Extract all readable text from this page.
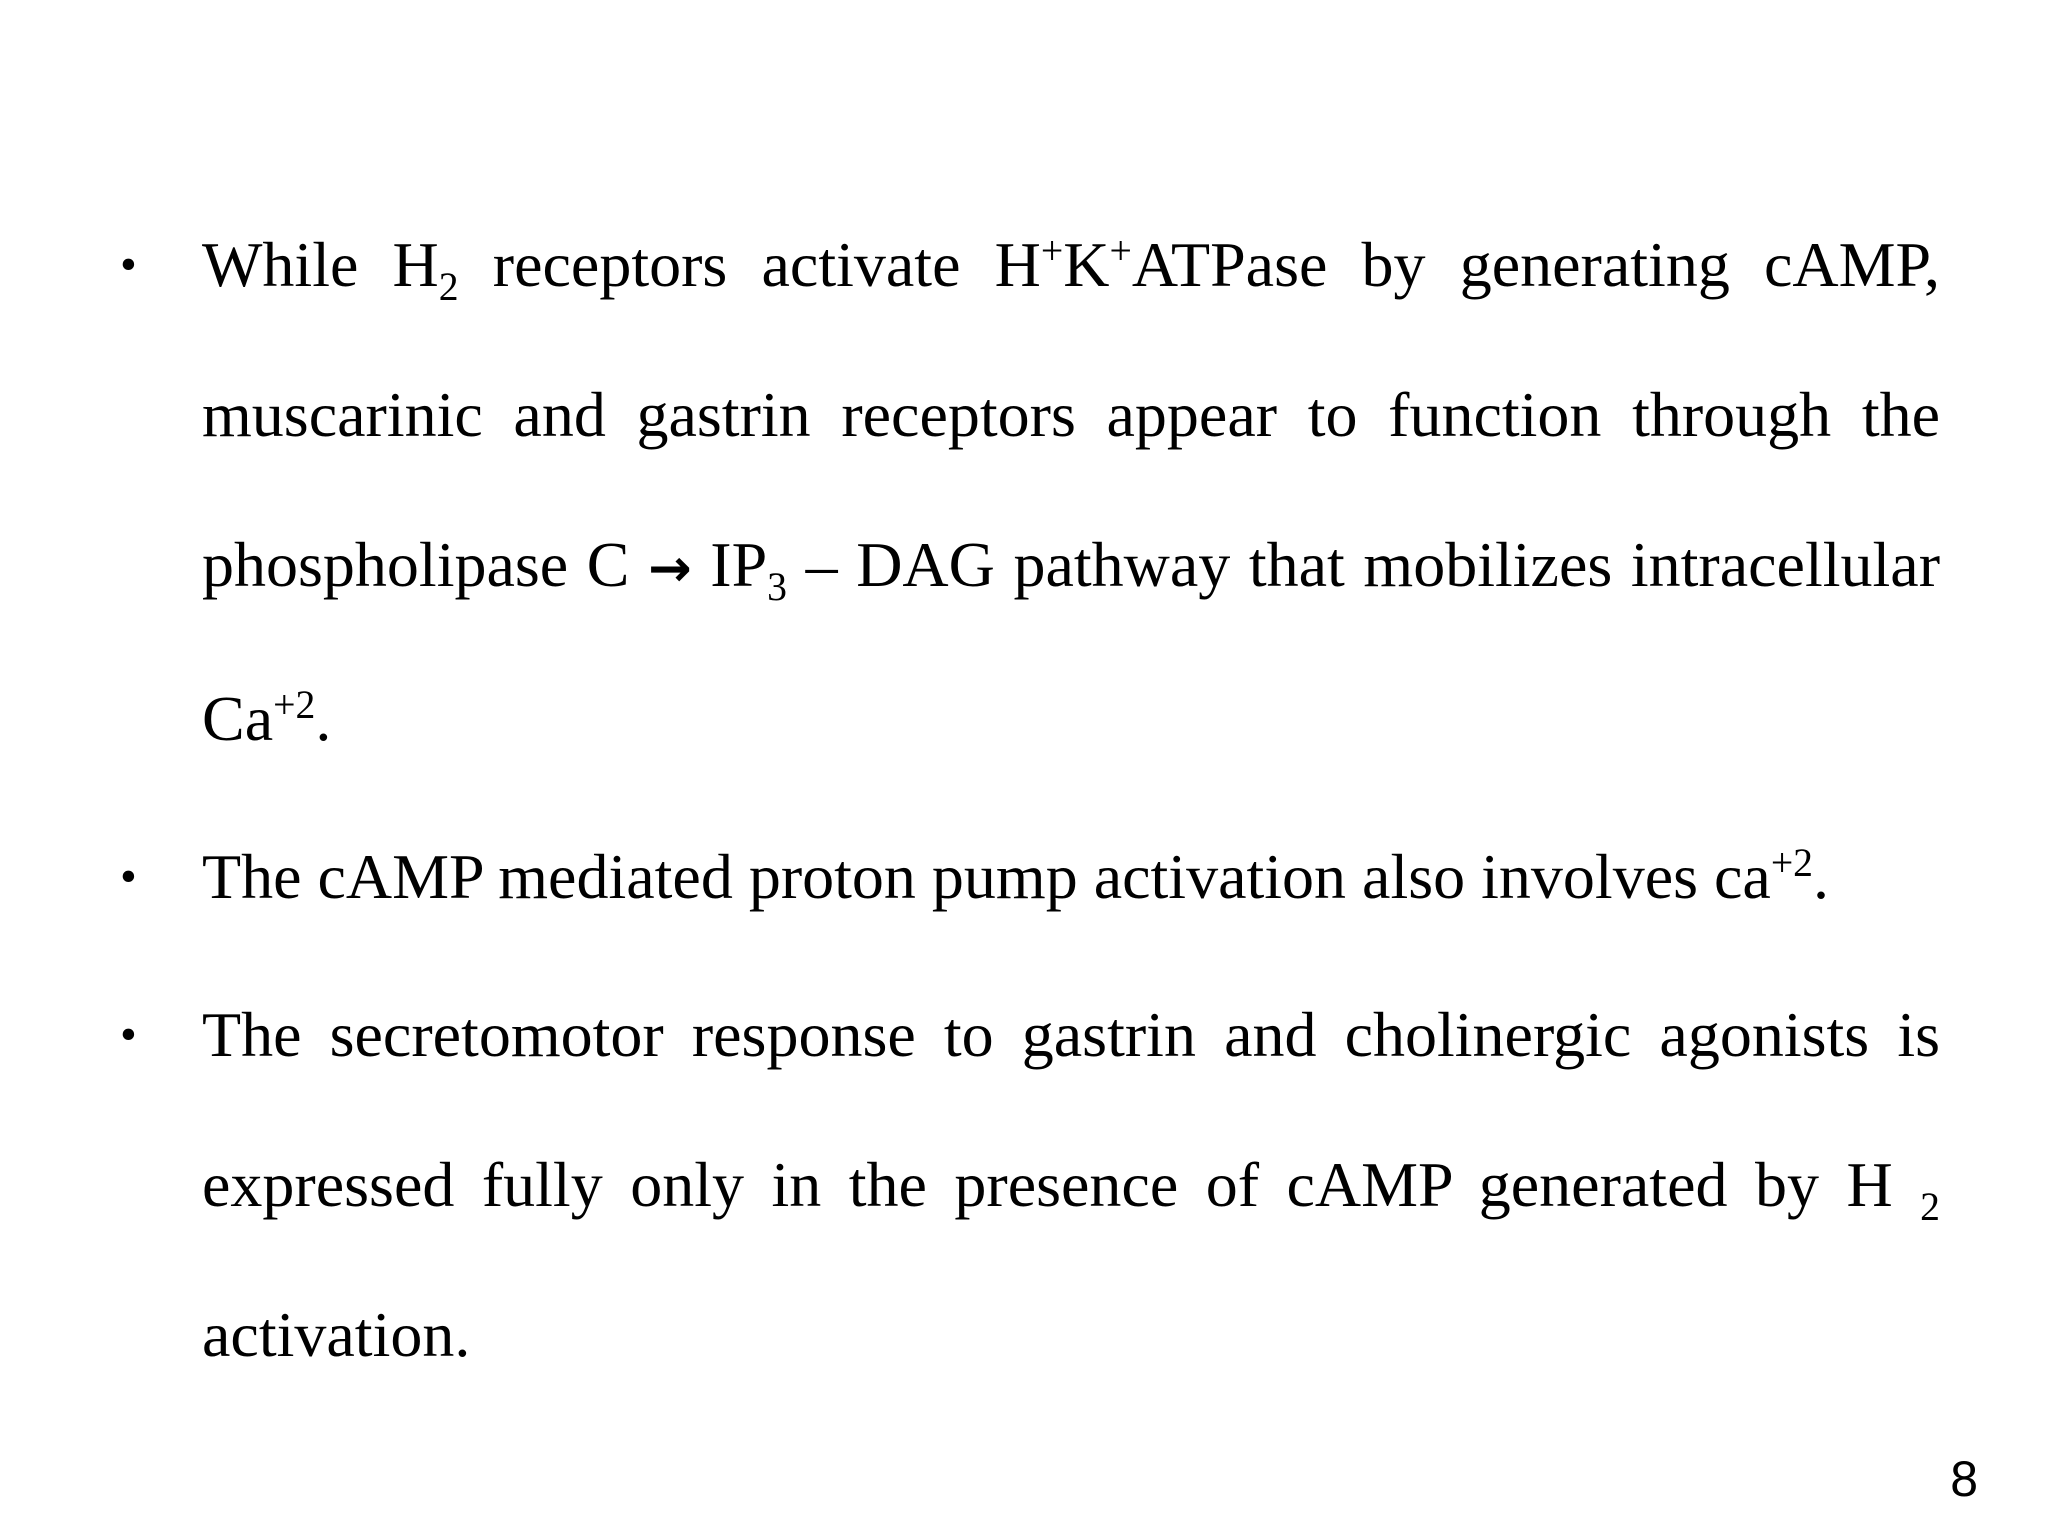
• While $H_2$ receptors activate H+K+ATPase by generating cAMP, muscarinic and gastrin receptors appear to function through the phospholipase $C \to IP_3$ – DAG pathway that mobilizes intracellular $Ca^{+2}$.
• The cAMP mediated proton pump activation also involves $ca^{+2}$.
• The secretomotor response to gastrin and cholinergic agonists is expressed fully only in the presence of cAMP generated by H $_2$ activation.
8
